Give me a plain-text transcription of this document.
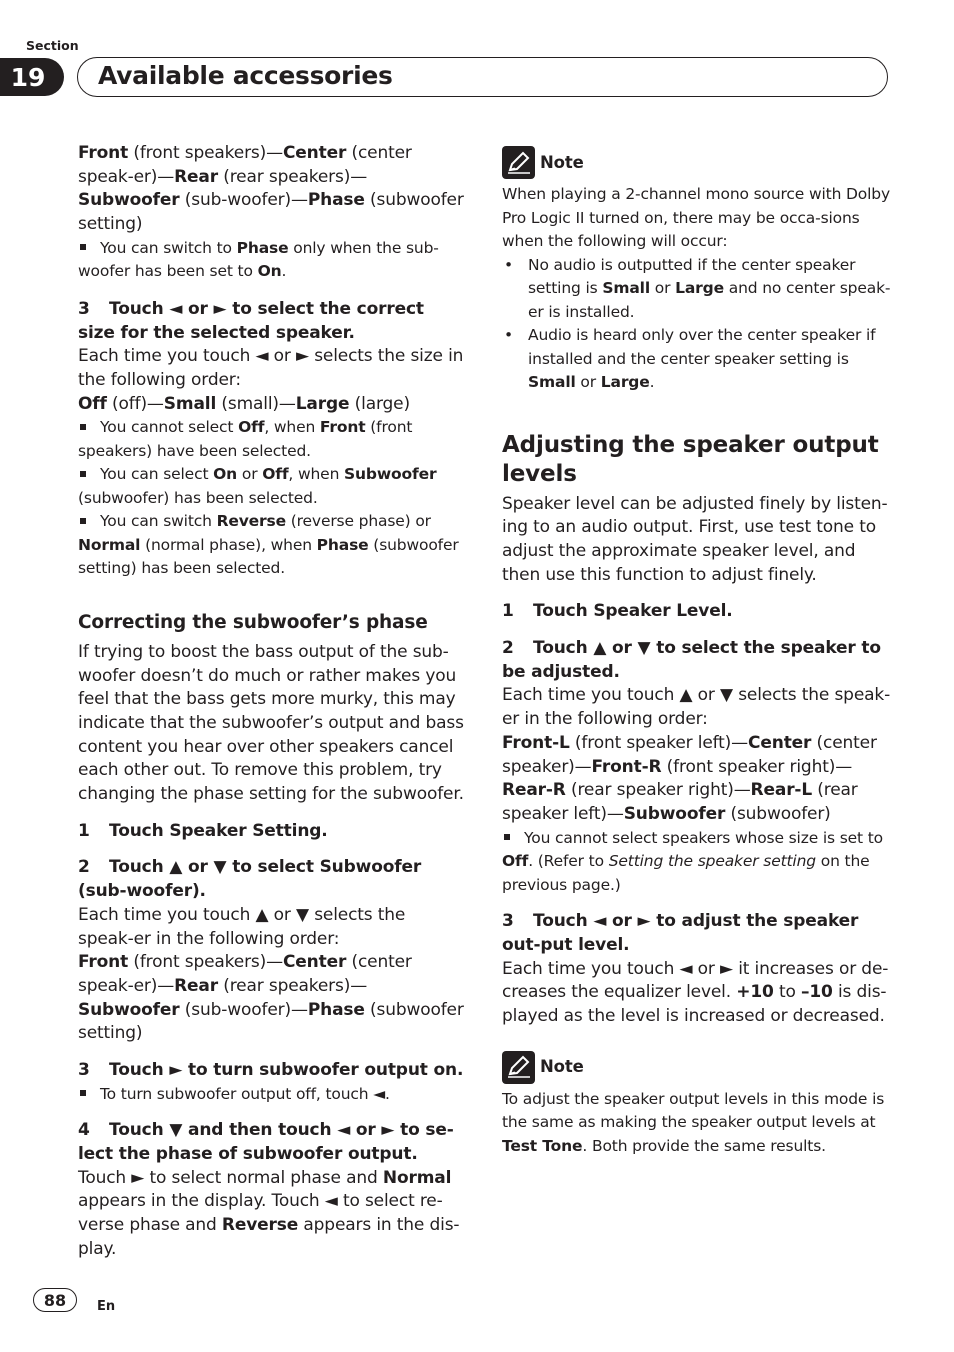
Section
19	Available accessories

Front (front speakers)—Center (center speak-er)—Rear (rear speakers)—Subwoofer (sub-woofer)—Phase (subwoofer setting)

You can switch to Phase only when the sub-woofer has been set to On.

3 Touch ◄ or ► to select the correct size for the selected speaker.

Each time you touch ◄ or ► selects the size in the following order:

Off (off)—Small (small)—Large (large)

You cannot select Off, when Front (front speakers) have been selected.

You can select On or Off, when Subwoofer (subwoofer) has been selected.

You can switch Reverse (reverse phase) or Normal (normal phase), when Phase (subwoofer setting) has been selected.

Correcting the subwoofer’s phase

If trying to boost the bass output of the sub-woofer doesn’t do much or rather makes you feel that the bass gets more murky, this may indicate that the subwoofer’s output and bass content you hear over other speakers cancel each other out. To remove this problem, try changing the phase setting for the subwoofer.

1 Touch Speaker Setting.

2 Touch ▲ or ▼ to select Subwoofer (sub-woofer).

Each time you touch ▲ or ▼ selects the speak-er in the following order:

Front (front speakers)—Center (center speak-er)—Rear (rear speakers)—Subwoofer (sub-woofer)—Phase (subwoofer setting)

3 Touch ► to turn subwoofer output on.

To turn subwoofer output off, touch ◄.

4 Touch ▼ and then touch ◄ or ► to se-lect the phase of subwoofer output.

Touch ► to select normal phase and Normal appears in the display. Touch ◄ to select re-verse phase and Reverse appears in the dis-play.

Note

When playing a 2-channel mono source with Dolby Pro Logic II turned on, there may be occa-sions when the following will occur:

• No audio is outputted if the center speaker setting is Small or Large and no center speak-er is installed.
• Audio is heard only over the center speaker if installed and the center speaker setting is Small or Large.
Adjusting the speaker output levels

Speaker level can be adjusted finely by listen-ing to an audio output. First, use test tone to adjust the approximate speaker level, and then use this function to adjust finely.

1 Touch Speaker Level.

2 Touch ▲ or ▼ to select the speaker to be adjusted.

Each time you touch ▲ or ▼ selects the speak-er in the following order:

Front-L (front speaker left)—Center (center speaker)—Front-R (front speaker right)—Rear-R (rear speaker right)—Rear-L (rear speaker left)—Subwoofer (subwoofer)

You cannot select speakers whose size is set to Off. (Refer to Setting the speaker setting on the previous page.)

3 Touch ◄ or ► to adjust the speaker out-put level.

Each time you touch ◄ or ► it increases or de-creases the equalizer level. +10 to –10 is dis-played as the level is increased or decreased.

Note

To adjust the speaker output levels in this mode is the same as making the speaker output levels at Test Tone. Both provide the same results.

88	En
